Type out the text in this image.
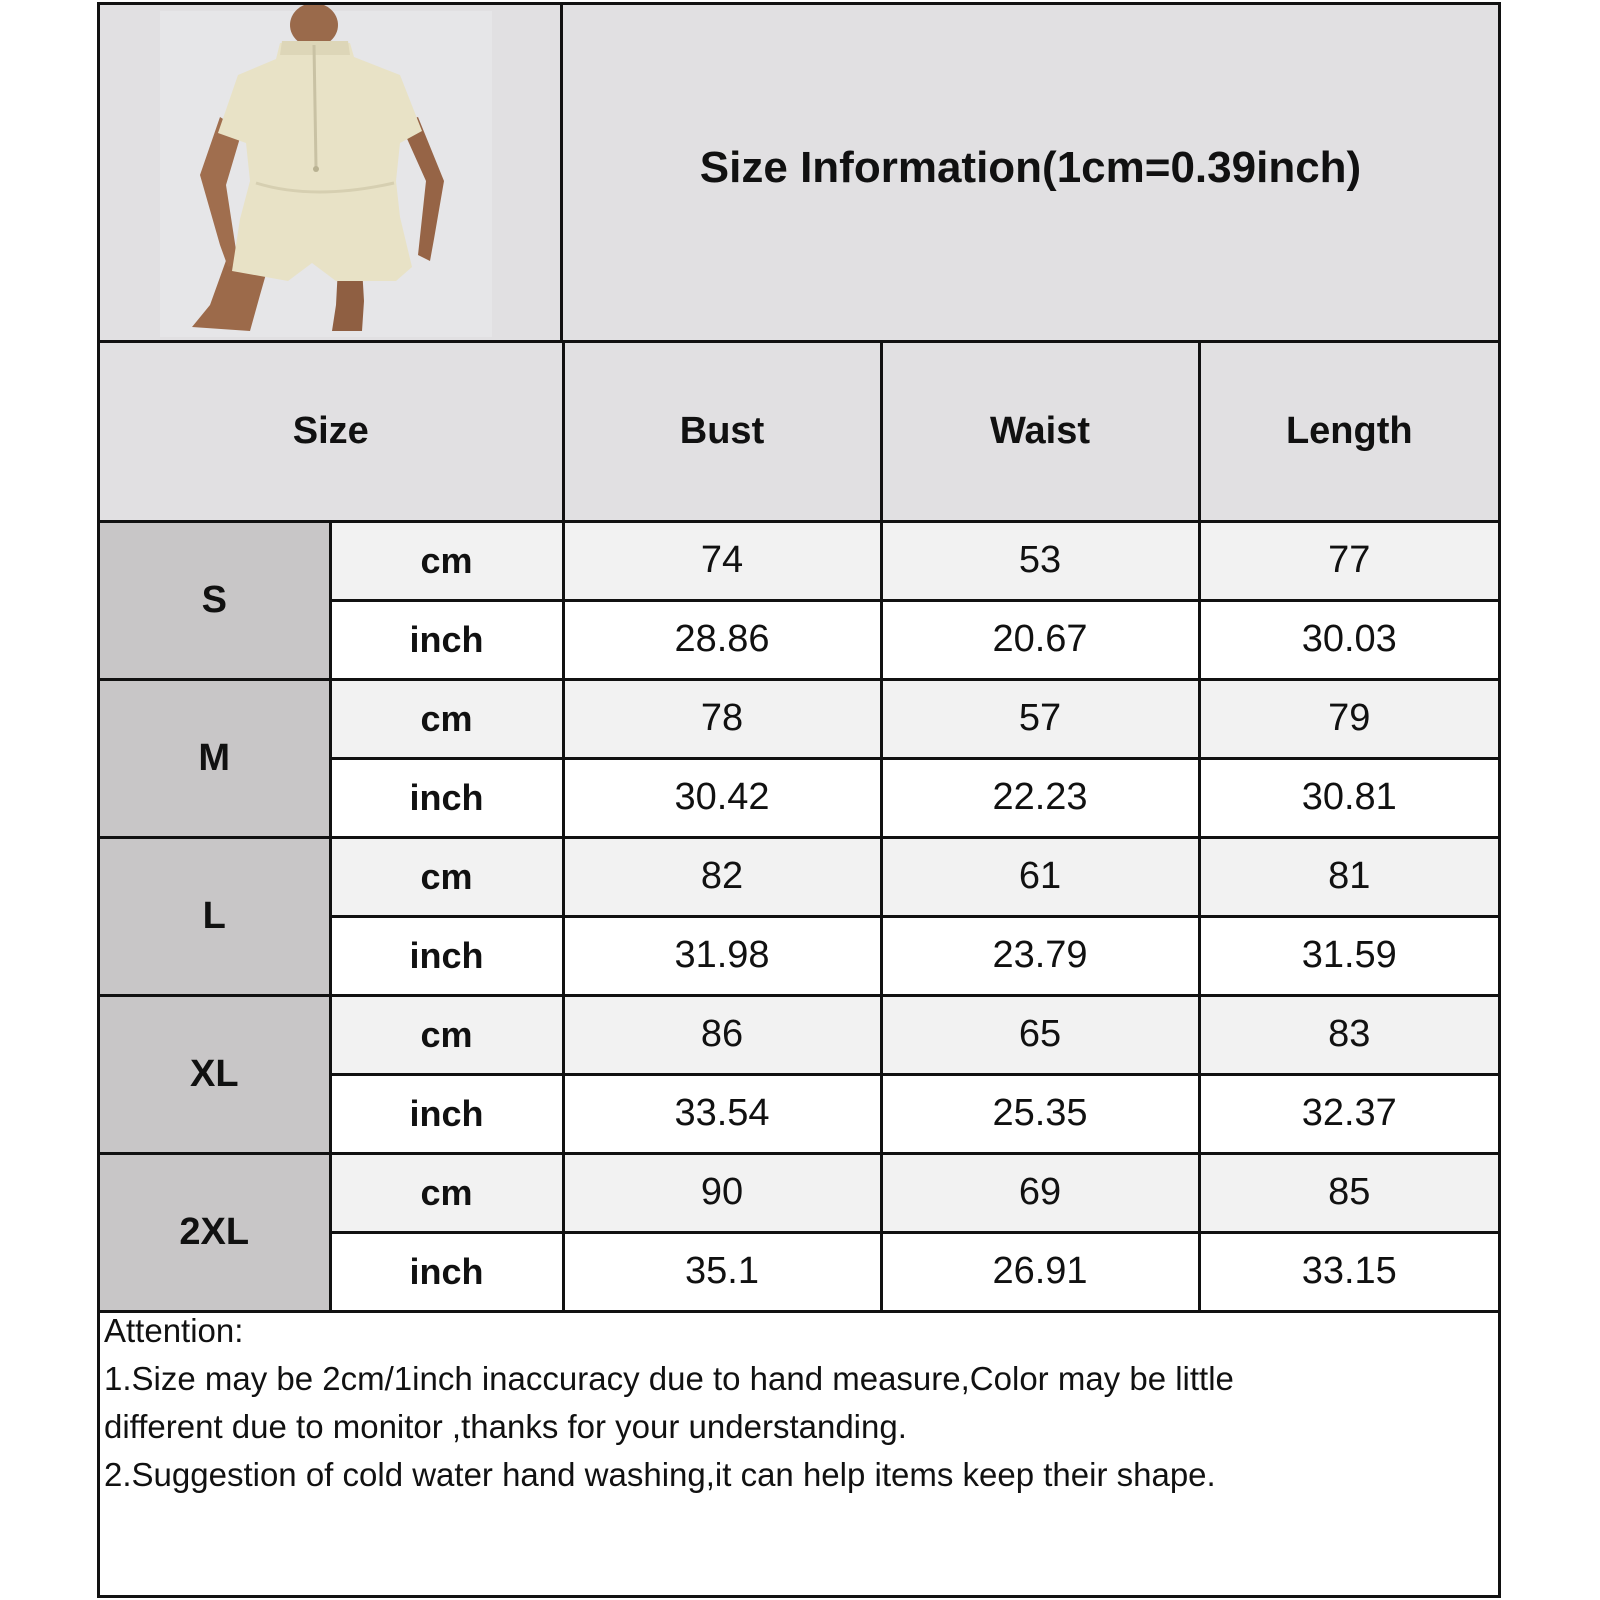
Size Information(1cm=0.39inch)
Size		Bust	Waist	Length
S	cm	74	53	77
	inch	28.86	20.67	30.03
M	cm	78	57	79
	inch	30.42	22.23	30.81
L	cm	82	61	81
	inch	31.98	23.79	31.59
XL	cm	86	65	83
	inch	33.54	25.35	32.37
2XL	cm	90	69	85
	inch	35.1	26.91	33.15

Attention:

1.Size may be 2cm/1inch inaccuracy due to hand measure,Color may be little

different due to monitor ,thanks for your understanding.

2.Suggestion of cold water hand washing,it can help items keep their shape.
